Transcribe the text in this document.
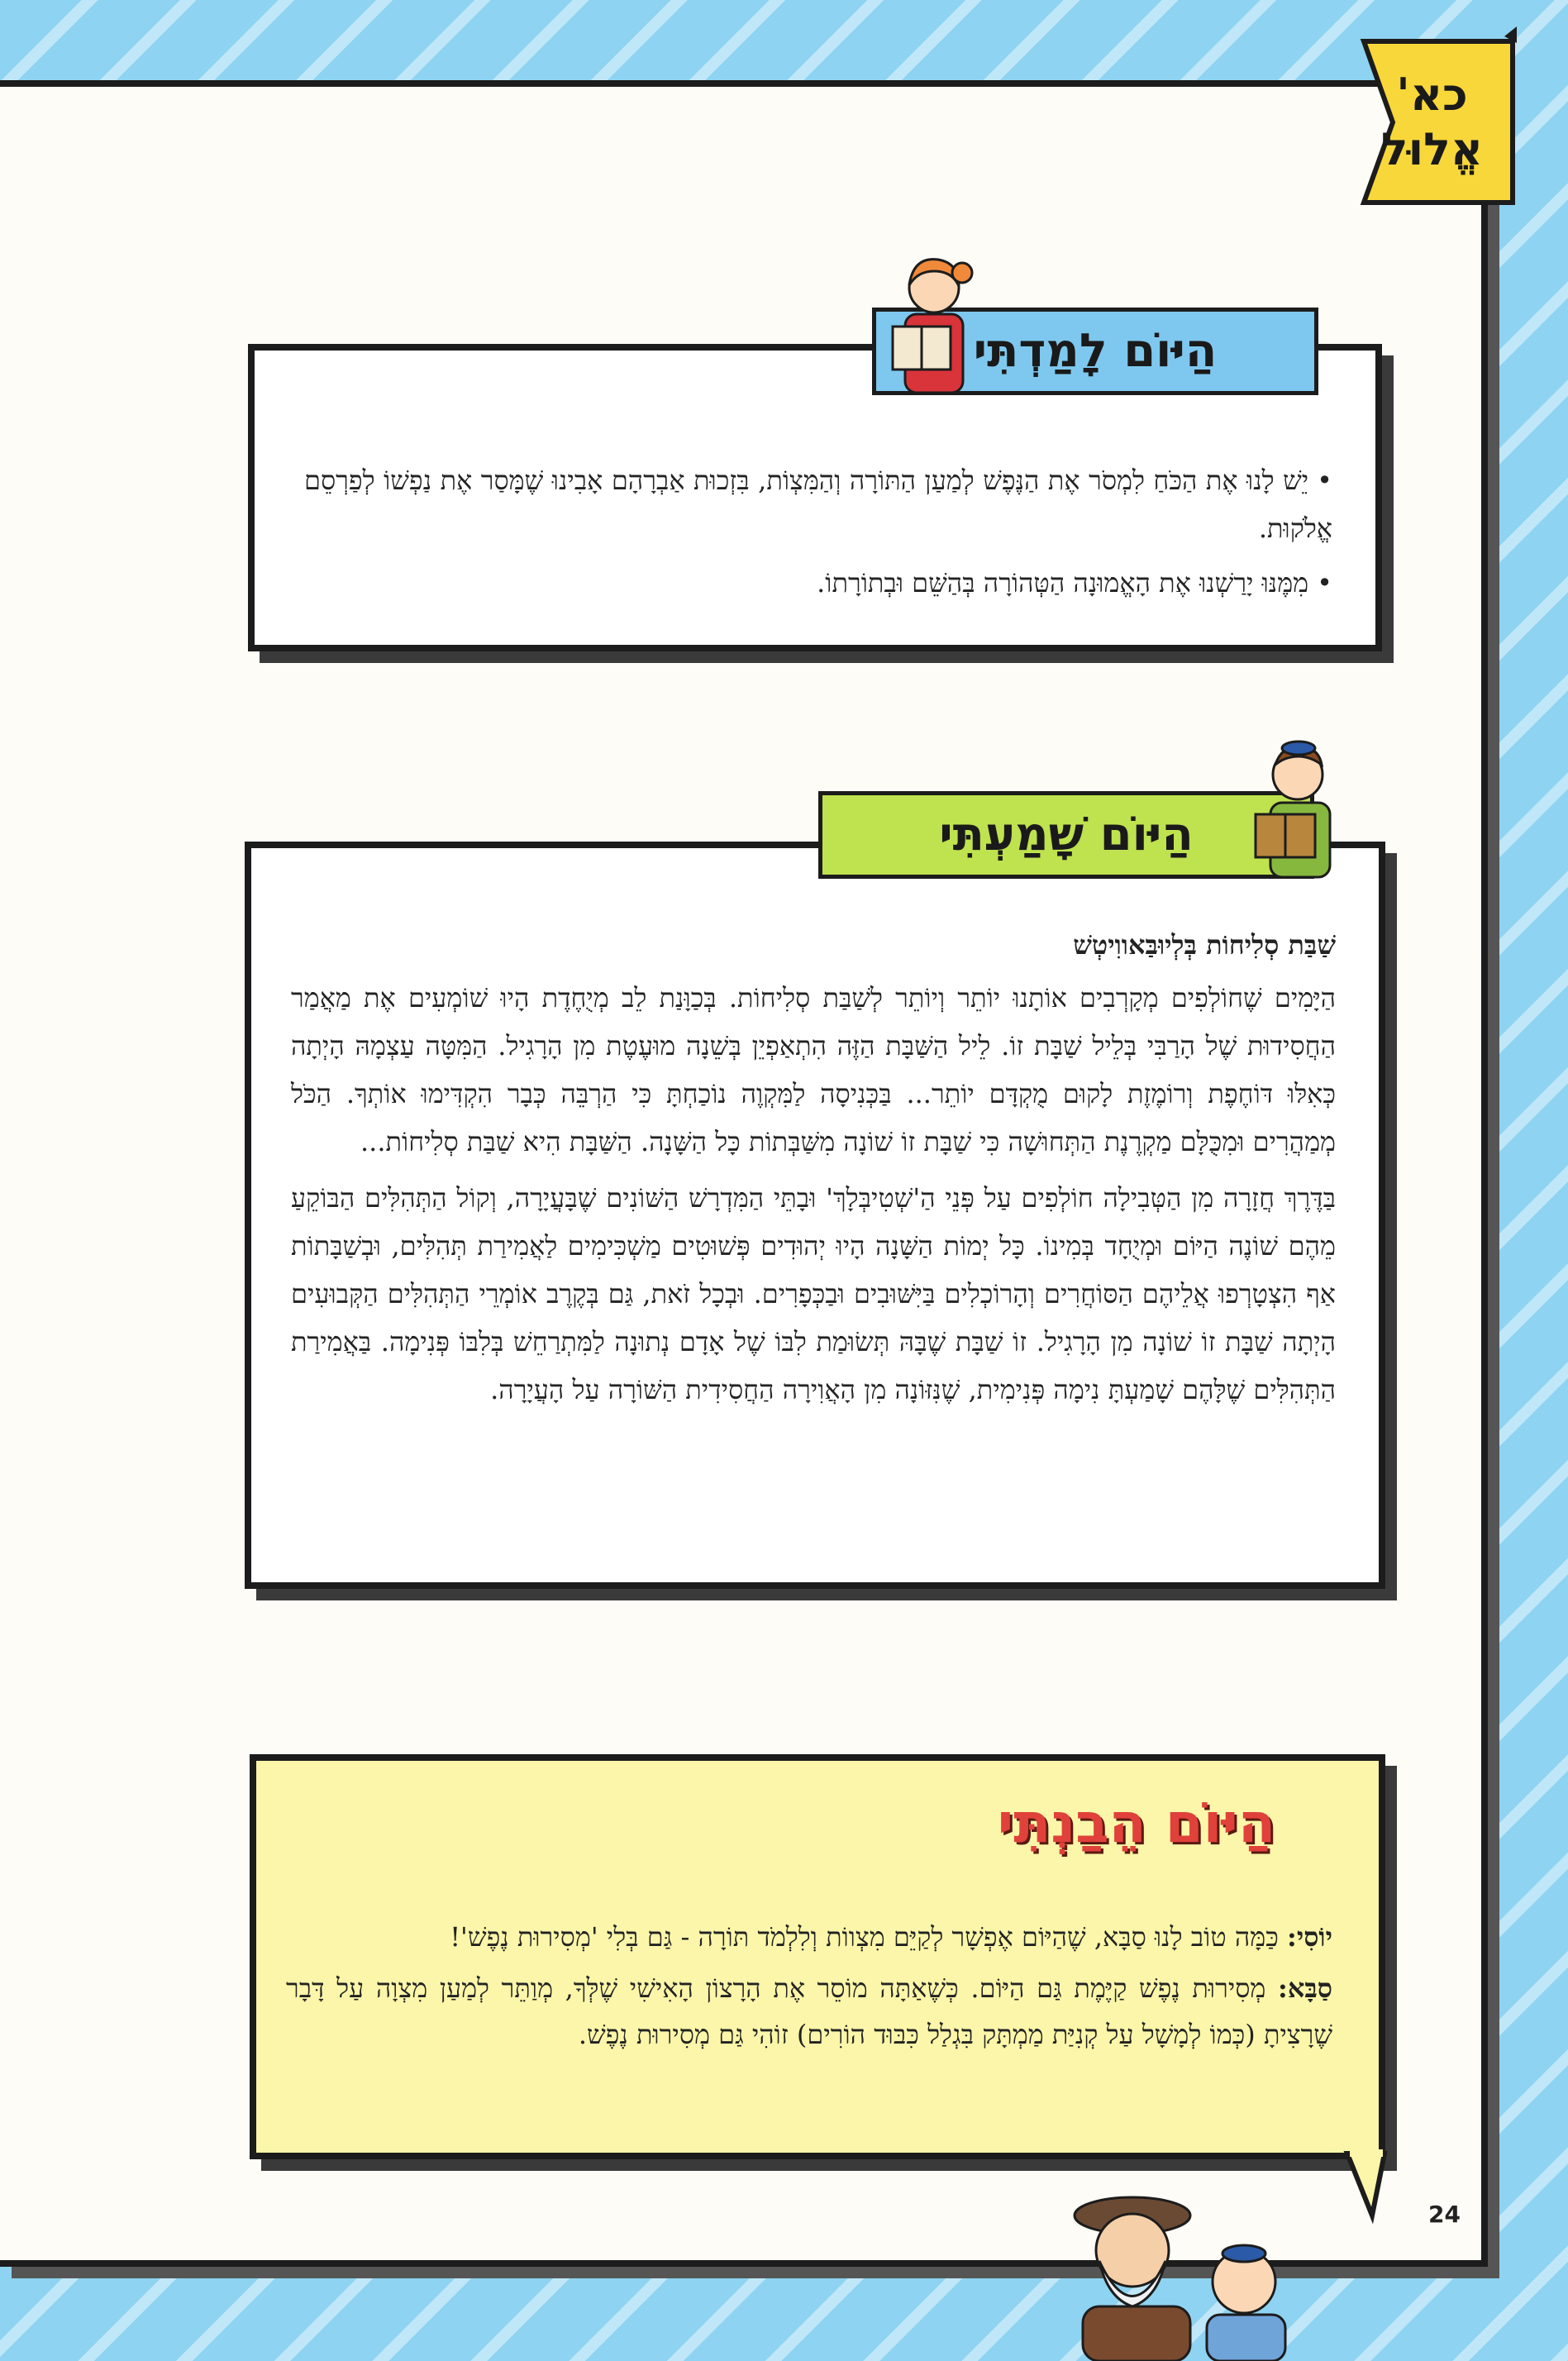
כא'
אֱלוּל
•יֵשׁ לָנוּ אֶת הַכֹּחַ לִמְסֹר אֶת הַנֶּפֶשׁ לְמַעַן הַתּוֹרָה וְהַמִּצְוֹת, בִּזְכוּת אַבְרָהָם אָבִינוּ שֶׁמָּסַר אֶת נַפְשׁוֹ לְפַרְסֵם אֱלֹקוּת.
•מִמֶּנּוּ יָרַשְׁנוּ אֶת הָאֱמוּנָה הַטְּהוֹרָה בְּהַשֵּׁם וּבְתוֹרָתוֹ.
הַיּוֹם לָמַדְתִּי
שַׁבַּת סְלִיחוֹת בְּלְיוּבַּאווִיטְשׁ

הַיָּמִים שֶׁחוֹלְפִים מְקָרְבִים אוֹתָנוּ יוֹתֵר וְיוֹתֵר לְשַׁבַּת סְלִיחוֹת. בְּכַוָּנַת לֵב מְיֻחֶדֶת הָיוּ שׁוֹמְעִים אֶת מַאֲמַר הַחֲסִידוּת שֶׁל הָרַבִּי בְּלֵיל שַׁבָּת זוֹ. לֵיל הַשַּׁבָּת הַזֶּה הִתְאַפְיֵן בְּשֵׁנָה מוּעֶטֶת מִן הָרָגִיל. הַמִּטָּה עַצְמָהּ הָיְתָה כְּאִלּוּ דּוֹחֶפֶת וְרוֹמֶזֶת לָקוּם מֻקְדָּם יוֹתֵר... בַּכְּנִיסָה לַמִּקְוֶה נוֹכַחְתָּ כִּי הַרְבֵּה כְּבָר הִקְדִּימוּ אוֹתְךָ. הַכֹּל מְמַהֲרִים וּמִכֻּלָּם מַקְרֶנֶת הַתְּחוּשָׁה כִּי שַׁבָּת זוֹ שׁוֹנָה מִשַּׁבְּתוֹת כָּל הַשָּׁנָה. הַשַּׁבָּת הִיא שַׁבַּת סְלִיחוֹת...

בַּדֶּרֶךְ חֲזָרָה מִן הַטְּבִילָה חוֹלְפִים עַל פְּנֵי הַ'שְׁטִיבְּלָךְ' וּבָתֵּי הַמִּדְרָשׁ הַשּׁוֹנִים שֶׁבָּעֲיָרָה, וְקוֹל הַתְּהִלִּים הַבּוֹקֵעַ מֵהֶם שׁוֹנֶה הַיּוֹם וּמְיֻחָד בְּמִינוֹ. כָּל יְמוֹת הַשָּׁנָה הָיוּ יְהוּדִים פְּשׁוּטִים מַשְׁכִּימִים לַאֲמִירַת תְּהִלִּים, וּבְשַׁבָּתוֹת אַף הִצְטָרְפוּ אֲלֵיהֶם הַסּוֹחֲרִים וְהָרוֹכְלִים בַּיִּשּׁוּבִים וּבַכְּפָרִים. וּבְכָל זֹאת, גַּם בְּקֶרֶב אוֹמְרֵי הַתְּהִלִּים הַקְּבוּעִים הָיְתָה שַׁבָּת זוֹ שׁוֹנָה מִן הָרָגִיל. זוֹ שַׁבָּת שֶׁבָּהּ תְּשׂוּמַת לִבּוֹ שֶׁל אָדָם נְתוּנָה לַמִּתְרַחֵשׁ בְּלִבּוֹ פְּנִימָה. בַּאֲמִירַת הַתְּהִלִּים שֶׁלָּהֶם שָׁמַעְתָּ נִימָה פְּנִימִית, שֶׁנִּזּוֹנָה מִן הָאֲוִירָה הַחֲסִידִית הַשּׁוֹרָה עַל הָעֲיָרָה.

הַיּוֹם שָׁמַעְתִּי

יוֹסִי: כַּמָּה טוֹב לָנוּ סַבָּא, שֶׁהַיּוֹם אֶפְשָׁר לְקַיֵּם מִצְווֹת וְלִלְמֹד תּוֹרָה - גַּם בְּלִי 'מְסִירוּת נֶפֶשׁ'!

סַבָּא: מְסִירוּת נֶפֶשׁ קַיֶּמֶת גַּם הַיּוֹם. כְּשֶׁאַתָּה מוֹסֵר אֶת הָרָצוֹן הָאִישִׁי שֶׁלְּךָ, מְוַתֵּר לְמַעַן מִצְוָה עַל דָּבָר שֶׁרָצִיתָ (כְּמוֹ לְמָשָׁל עַל קְנִיַּת מַמְתָּק בִּגְלַל כִּבּוּד הוֹרִים) זוֹהִי גַּם מְסִירוּת נֶפֶשׁ.

הַיּוֹם הֵבַנְתִּי
24
